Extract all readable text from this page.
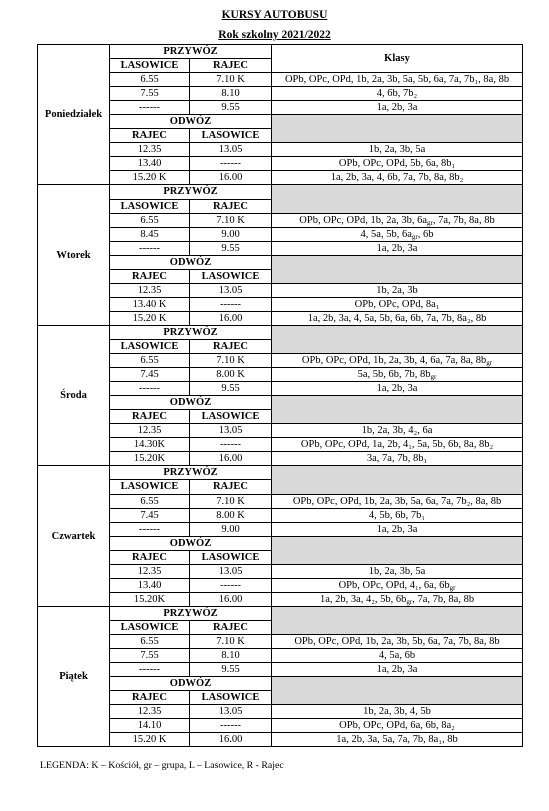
KURSY AUTOBUSU
Rok szkolny 2021/2022
Poniedziałek	PRZYWÓZ		Klasy
	LASOWICE	RAJEC	
	6.55	7.10 K	OPb, OPc, OPd, 1b, 2a, 3b, 5a, 5b, 6a, 7a, 7b₁, 8a, 8b
	7.55	8.10	4, 6b, 7b₂
	------	9.55	1a, 2b, 3a
	ODWÓZ		
	RAJEC	LASOWICE	
	12.35	13.05	1b, 2a, 3b, 5a
	13.40	------	OPb, OPc, OPd, 5b, 6a, 8b₁
	15.20 K	16.00	1a, 2b, 3a, 4, 6b, 7a, 7b, 8a, 8b₂
Wtorek	PRZYWÓZ		
	LASOWICE	RAJEC	
	6.55	7.10 K	OPb, OPc, OPd, 1b, 2a, 3b, $6a_{gr}$, 7a, 7b, 8a, 8b
	8.45	9.00	4, 5a, 5b, $6a_{gr}$, 6b
	------	9.55	1a, 2b, 3a
	ODWÓZ		
	RAJEC	LASOWICE	
	12.35	13.05	1b, 2a, 3b
	13.40 K	------	OPb, OPc, OPd, 8a₁
	15.20 K	16.00	1a, 2b, 3a, 4, 5a, 5b, 6a, 6b, 7a, 7b, 8a₂, 8b
Środa	PRZYWÓZ		
	LASOWICE	RAJEC	
	6.55	7.10 K	OPb, OPc, OPd, 1b, 2a, 3b, 4, 6a, 7a, 8a, $8b_{gr}$
	7.45	8.00 K	5a, 5b, 6b, 7b, $8b_{gr}$
	------	9.55	1a, 2b, 3a
	ODWÓZ		
	RAJEC	LASOWICE	
	12.35	13.05	1b, 2a, 3b, 4₂, 6a
	14.30K	------	OPb, OPc, OPd, 1a, 2b, 4₁, 5a, 5b, 6b, 8a, 8b₂
	15.20K	16.00	3a, 7a, 7b, 8b₁
Czwartek	PRZYWÓZ		
	LASOWICE	RAJEC	
	6.55	7.10 K	OPb, OPc, OPd, 1b, 2a, 3b, 5a, 6a, 7a, 7b₂, 8a, 8b
	7.45	8.00 K	4, 5b, 6b, 7b₁
	------	9.00	1a, 2b, 3a
	ODWÓZ		
	RAJEC	LASOWICE	
	12.35	13.05	1b, 2a, 3b, 5a
	13.40	------	OPb, OPc, OPd, 4₁, 6a, $6b_{gr}$
	15.20K	16.00	1a, 2b, 3a, 4₂, 5b, $6b_{gr}$, 7a, 7b, 8a, 8b
Piątek	PRZYWÓZ		
	LASOWICE	RAJEC	
	6.55	7.10 K	OPb, OPc, OPd, 1b, 2a, 3b, 5b, 6a, 7a, 7b, 8a, 8b
	7.55	8.10	4, 5a, 6b
	------	9.55	1a, 2b, 3a
	ODWÓZ		
	RAJEC	LASOWICE	
	12.35	13.05	1b, 2a, 3b, 4, 5b
	14.10	------	OPb, OPc, OPd, 6a, 6b, 8a₂
	15.20 K	16.00	1a, 2b, 3a, 5a, 7a, 7b, 8a₁, 8b
LEGENDA: K – Kościół, gr – grupa, L – Lasowice, R - Rajec
